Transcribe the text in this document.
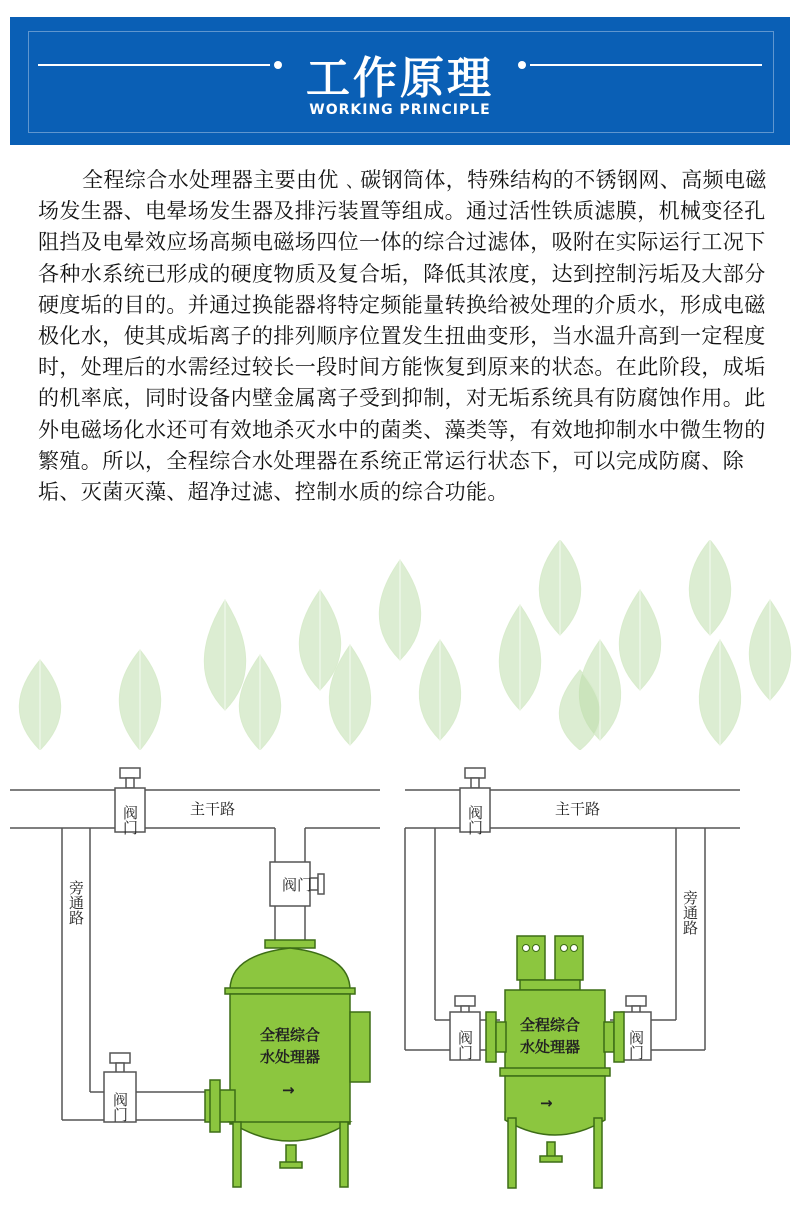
工作原理
WORKING PRINCIPLE
全程综合水处理器主要由优﹑碳钢筒体，特殊结构的不锈钢网、高频电磁场发生器、电晕场发生器及排污装置等组成。通过活性铁质滤膜，机械变径孔阻挡及电晕效应场高频电磁场四位一体的综合过滤体，吸附在实际运行工况下各种水系统已形成的硬度物质及复合垢，降低其浓度，达到控制污垢及大部分硬度垢的目的。并通过换能器将特定频能量转换给被处理的介质水，形成电磁极化水，使其成垢离子的排列顺序位置发生扭曲变形，当水温升高到一定程度时，处理后的水需经过较长一段时间方能恢复到原来的状态。在此阶段，成垢的机率底，同时设备内壁金属离子受到抑制，对无垢系统具有防腐蚀作用。此外电磁场化水还可有效地杀灭水中的菌类、藻类等，有效地抑制水中微生物的繁殖。所以，全程综合水处理器在系统正常运行状态下，可以完成防腐、除垢、灭菌灭藻、超净过滤、控制水质的综合功能。
阀门	主干路
旁通路	阀门
阀门
全程综合
水处理器
→
阀门	主干路
旁通路
阀门	阀门
全程综合
水处理器
→
